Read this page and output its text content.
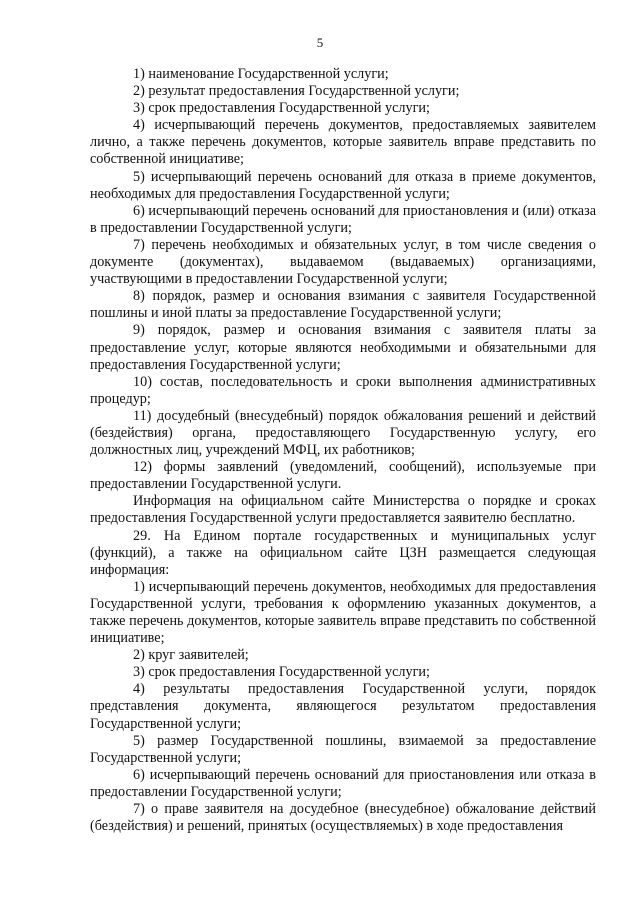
5

1) наименование Государственной услуги;

2) результат предоставления Государственной услуги;

3) срок предоставления Государственной услуги;

4) исчерпывающий перечень документов, предоставляемых заявителем лично, а также перечень документов, которые заявитель вправе представить по собственной инициативе;

5) исчерпывающий перечень оснований для отказа в приеме документов, необходимых для предоставления Государственной услуги;

6) исчерпывающий перечень оснований для приостановления и (или) отказа в предоставлении Государственной услуги;

7) перечень необходимых и обязательных услуг, в том числе сведения о документе (документах), выдаваемом (выдаваемых) организациями, участвующими в предоставлении Государственной услуги;

8) порядок, размер и основания взимания с заявителя Государственной пошлины и иной платы за предоставление Государственной услуги;

9) порядок, размер и основания взимания с заявителя платы за предоставление услуг, которые являются необходимыми и обязательными для предоставления Государственной услуги;

10) состав, последовательность и сроки выполнения административных процедур;

11) досудебный (внесудебный) порядок обжалования решений и действий (бездействия) органа, предоставляющего Государственную услугу, его должностных лиц, учреждений МФЦ, их работников;

12) формы заявлений (уведомлений, сообщений), используемые при предоставлении Государственной услуги.

Информация на официальном сайте Министерства о порядке и сроках предоставления Государственной услуги предоставляется заявителю бесплатно.

29. На Едином портале государственных и муниципальных услуг (функций), а также на официальном сайте ЦЗН размещается следующая информация:

1) исчерпывающий перечень документов, необходимых для предоставления Государственной услуги, требования к оформлению указанных документов, а также перечень документов, которые заявитель вправе представить по собственной инициативе;

2) круг заявителей;

3) срок предоставления Государственной услуги;

4) результаты предоставления Государственной услуги, порядок представления документа, являющегося результатом предоставления Государственной услуги;

5) размер Государственной пошлины, взимаемой за предоставление Государственной услуги;

6) исчерпывающий перечень оснований для приостановления или отказа в предоставлении Государственной услуги;

7) о праве заявителя на досудебное (внесудебное) обжалование действий (бездействия) и решений, принятых (осуществляемых) в ходе предоставления
